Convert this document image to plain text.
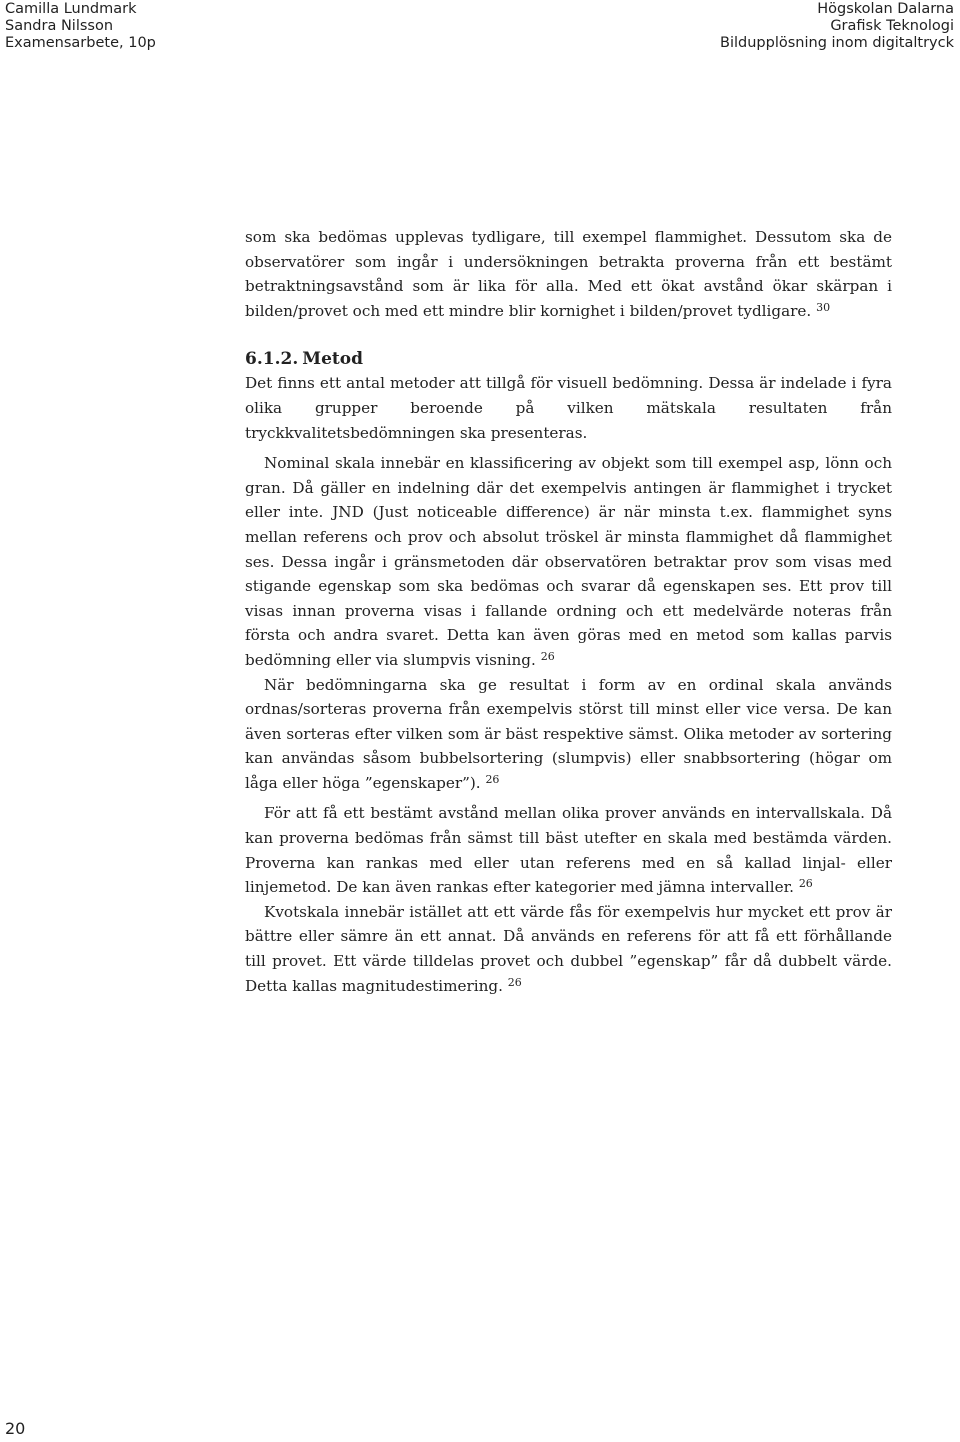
Camilla Lundmark
Sandra Nilsson
Examensarbete, 10p
Högskolan Dalarna
Grafisk Teknologi
Bildupplösning inom digitaltryck

som ska bedömas upplevas tydligare, till exempel flammighet. Dessutom ska de observatörer som ingår i undersökningen betrakta proverna från ett bestämt betraktningsavstånd som är lika för alla. Med ett ökat avstånd ökar skärpan i bilden/provet och med ett mindre blir kornighet i bilden/provet tydligare. $^{30}$

6.1.2. Metod

Det finns ett antal metoder att tillgå för visuell bedömning. Dessa är indelade i fyra olika grupper beroende på vilken mätskala resultaten från tryckkvalitetsbedömningen ska presenteras.

Nominal skala innebär en klassificering av objekt som till exempel asp, lönn och gran. Då gäller en indelning där det exempelvis antingen är flammighet i trycket eller inte. JND (Just noticeable difference) är när minsta t.ex. flammighet syns mellan referens och prov och absolut tröskel är minsta flammighet då flammighet ses. Dessa ingår i gränsmetoden där observatören betraktar prov som visas med stigande egenskap som ska bedömas och svarar då egenskapen ses. Ett prov till visas innan proverna visas i fallande ordning och ett medelvärde noteras från första och andra svaret. Detta kan även göras med en metod som kallas parvis bedömning eller via slumpvis visning. $^{26}$

När bedömningarna ska ge resultat i form av en ordinal skala används ordnas/sorteras proverna från exempelvis störst till minst eller vice versa. De kan även sorteras efter vilken som är bäst respektive sämst. Olika metoder av sortering kan användas såsom bubbelsortering (slumpvis) eller snabbsortering (högar om låga eller höga ”egenskaper”). $^{26}$

För att få ett bestämt avstånd mellan olika prover används en intervallskala. Då kan proverna bedömas från sämst till bäst utefter en skala med bestämda värden. Proverna kan rankas med eller utan referens med en så kallad linjal- eller linjemetod. De kan även rankas efter kategorier med jämna intervaller. $^{26}$

Kvotskala innebär istället att ett värde fås för exempelvis hur mycket ett prov är bättre eller sämre än ett annat. Då används en referens för att få ett förhållande till provet. Ett värde tilldelas provet och dubbel ”egenskap” får då dubbelt värde. Detta kallas magnitudestimering. $^{26}$

20
